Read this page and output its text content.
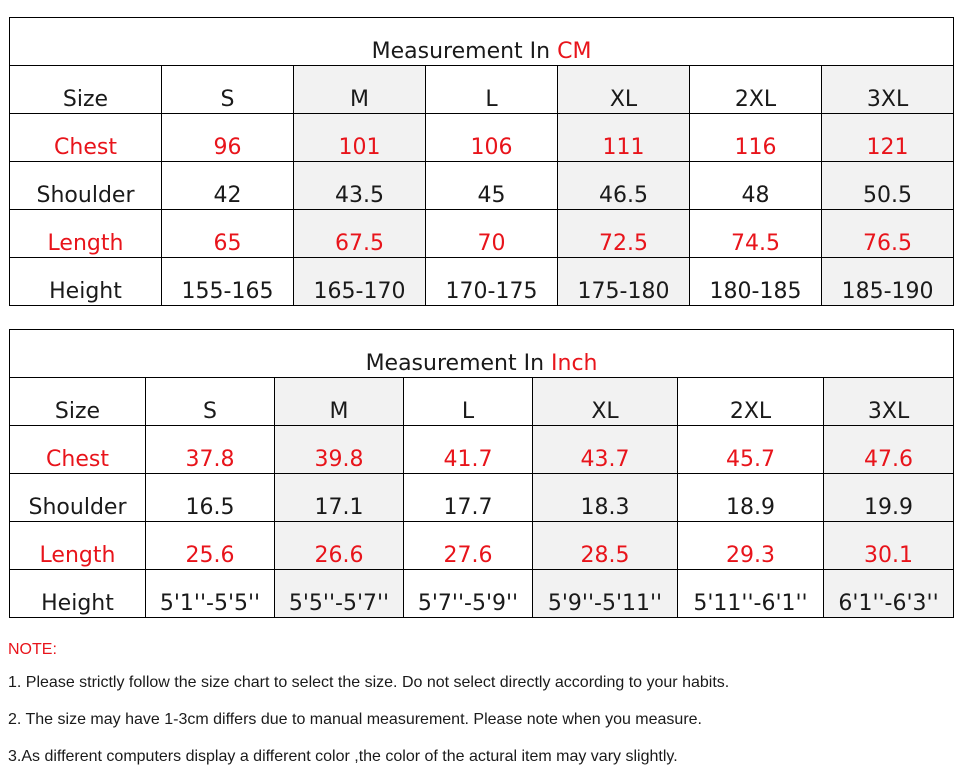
Measurement In CM						
Size	S	M	L	XL	2XL	3XL
Chest	96	101	106	111	116	121
Shoulder	42	43.5	45	46.5	48	50.5
Length	65	67.5	70	72.5	74.5	76.5
Height	155-165	165-170	170-175	175-180	180-185	185-190
Measurement In Inch						
Size	S	M	L	XL	2XL	3XL
Chest	37.8	39.8	41.7	43.7	45.7	47.6
Shoulder	16.5	17.1	17.7	18.3	18.9	19.9
Length	25.6	26.6	27.6	28.5	29.3	30.1
Height	5'1''-5'5''	5'5''-5'7''	5'7''-5'9''	5'9''-5'11''	5'11''-6'1''	6'1''-6'3''

NOTE:

1. Please strictly follow the size chart to select the size. Do not select directly according to your habits.

2. The size may have 1-3cm differs due to manual measurement. Please note when you measure.

3.As different computers display a different color ,the color of the actural item may vary slightly.
